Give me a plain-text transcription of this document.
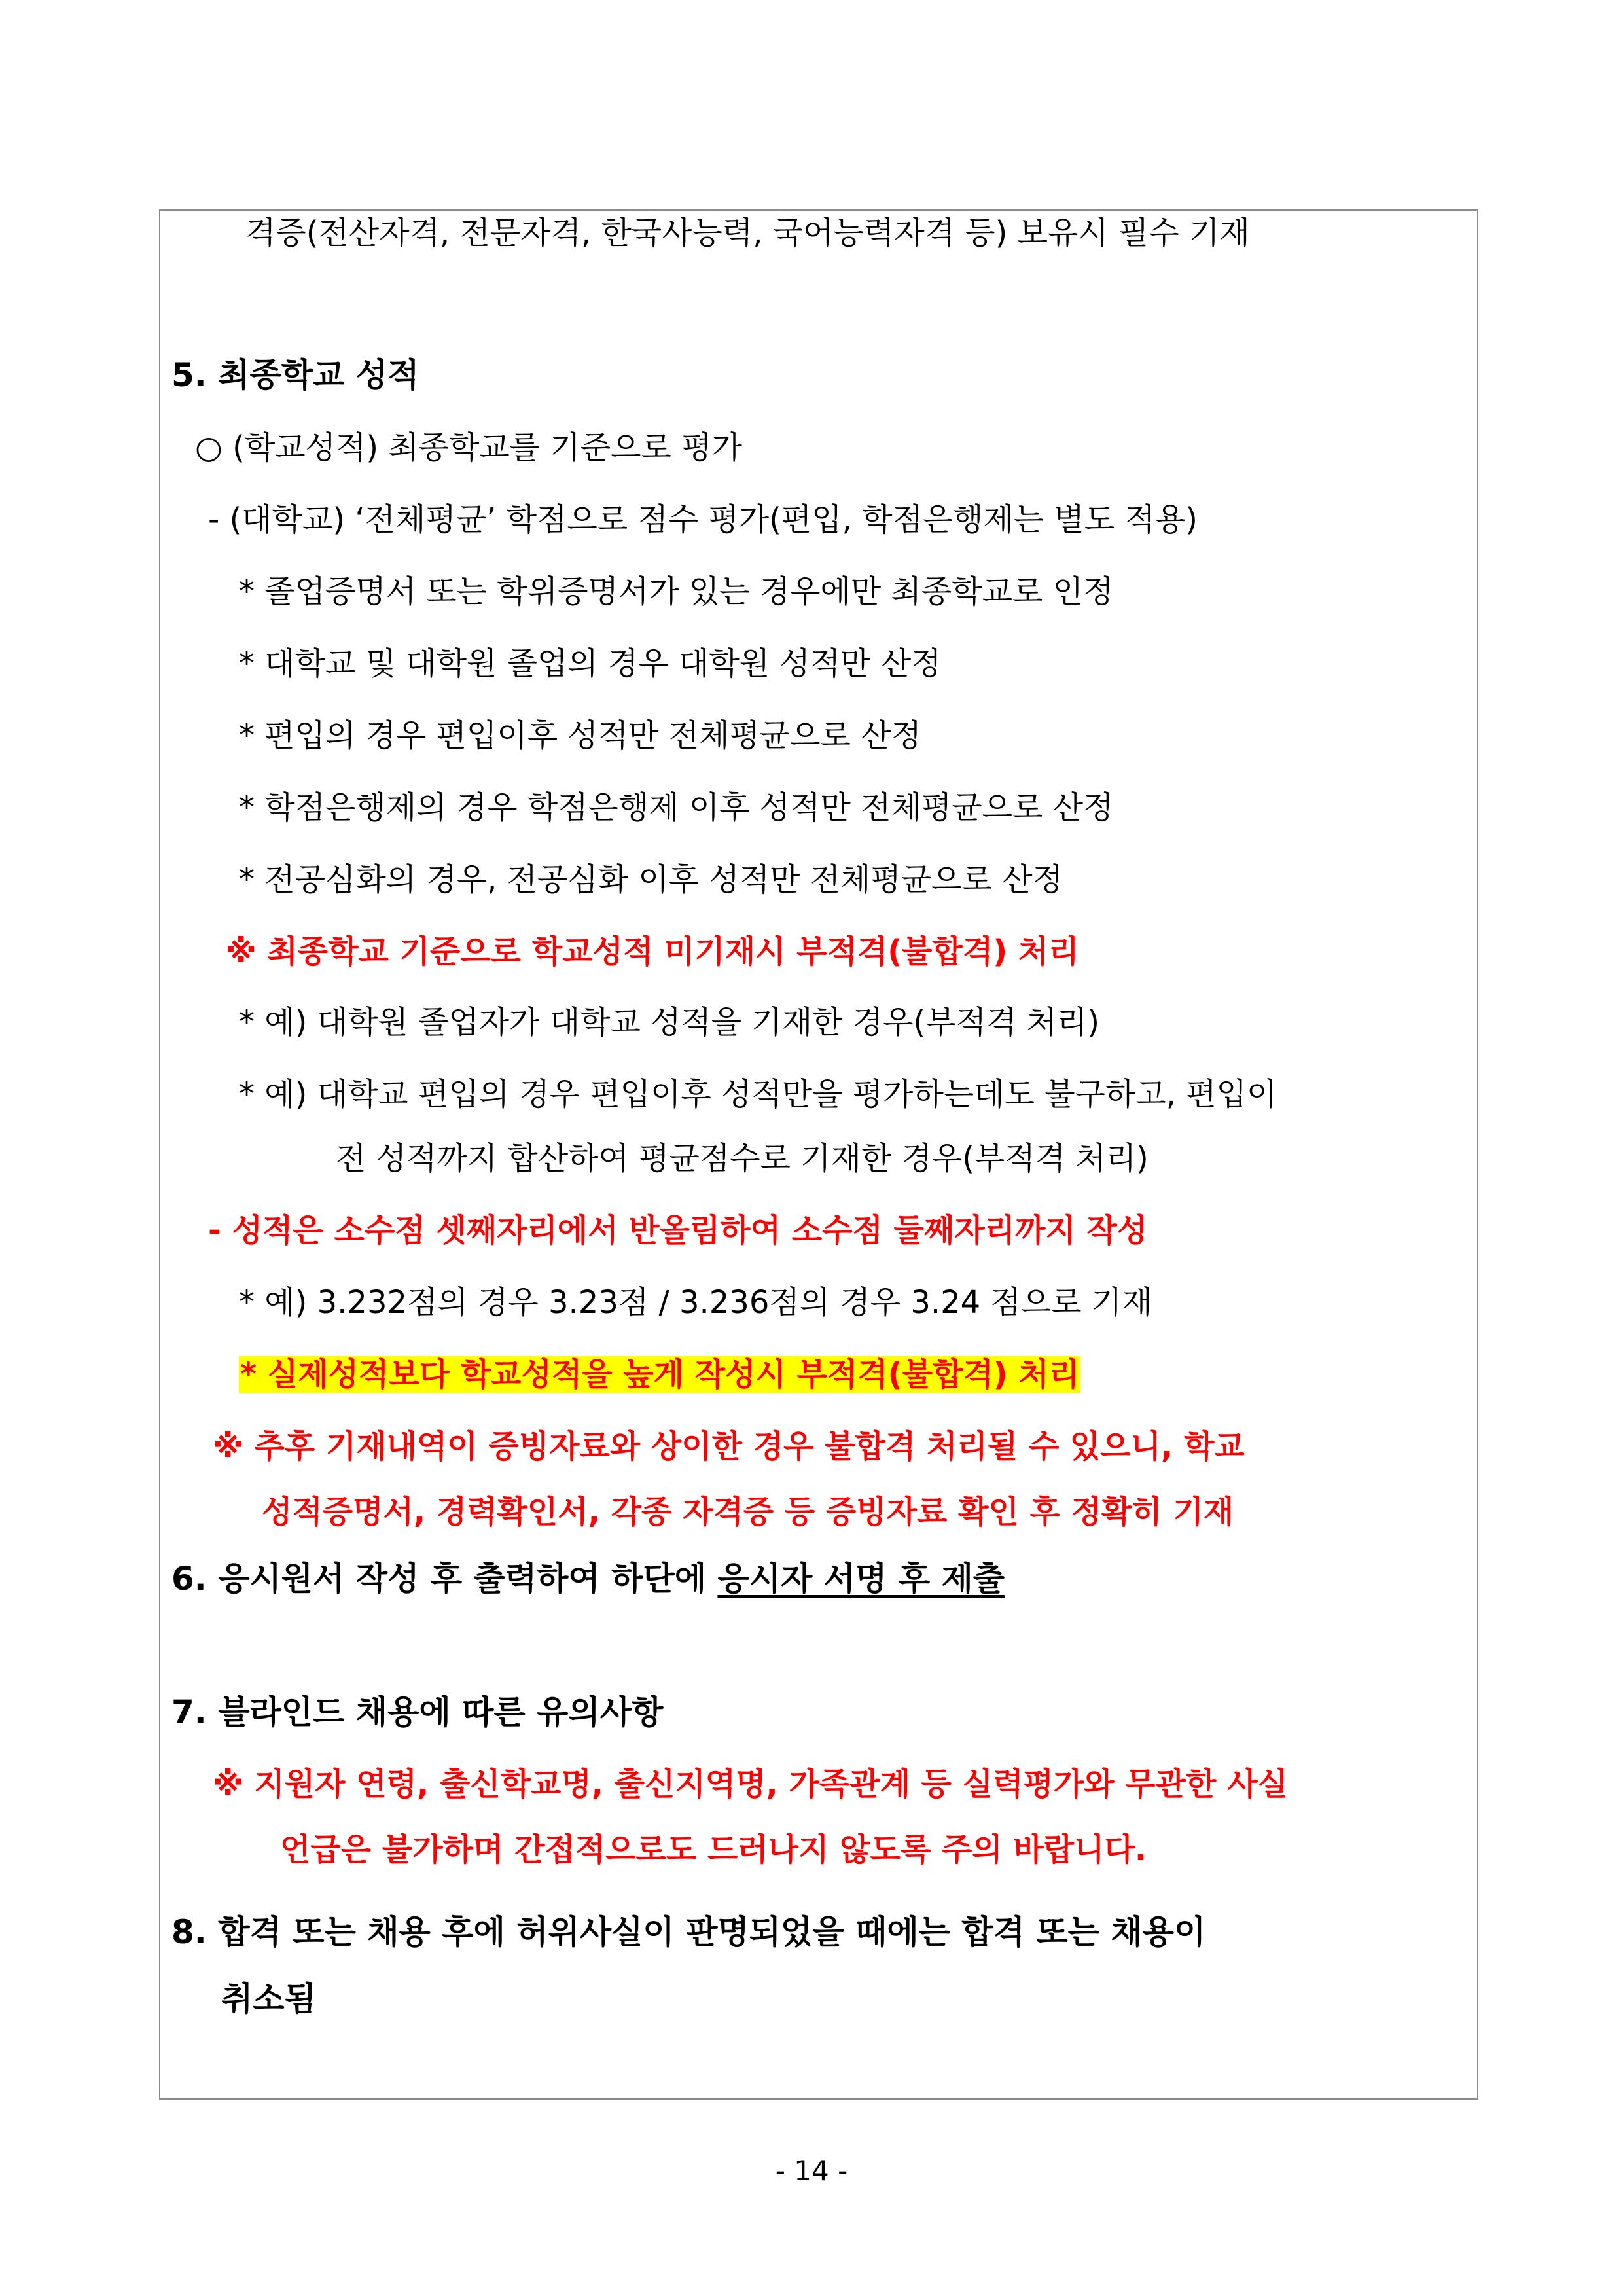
격증(전산자격, 전문자격, 한국사능력, 국어능력자격 등) 보유시 필수 기재
5. 최종학교 성적
○ (학교성적) 최종학교를 기준으로 평가
- (대학교) ‘전체평균’ 학점으로 점수 평가(편입, 학점은행제는 별도 적용)
* 졸업증명서 또는 학위증명서가 있는 경우에만 최종학교로 인정
* 대학교 및 대학원 졸업의 경우 대학원 성적만 산정
* 편입의 경우 편입이후 성적만 전체평균으로 산정
* 학점은행제의 경우 학점은행제 이후 성적만 전체평균으로 산정
* 전공심화의 경우, 전공심화 이후 성적만 전체평균으로 산정
※ 최종학교 기준으로 학교성적 미기재시 부적격(불합격) 처리
* 예) 대학원 졸업자가 대학교 성적을 기재한 경우(부적격 처리)
* 예) 대학교 편입의 경우 편입이후 성적만을 평가하는데도 불구하고, 편입이
전 성적까지 합산하여 평균점수로 기재한 경우(부적격 처리)
- 성적은 소수점 셋째자리에서 반올림하여 소수점 둘째자리까지 작성
* 예) 3.232점의 경우 3.23점 / 3.236점의 경우 3.24 점으로 기재
* 실제성적보다 학교성적을 높게 작성시 부적격(불합격) 처리
※ 추후 기재내역이 증빙자료와 상이한 경우 불합격 처리될 수 있으니, 학교
성적증명서, 경력확인서, 각종 자격증 등 증빙자료 확인 후 정확히 기재
6. 응시원서 작성 후 출력하여 하단에 응시자 서명 후 제출
7. 블라인드 채용에 따른 유의사항
※ 지원자 연령, 출신학교명, 출신지역명, 가족관계 등 실력평가와 무관한 사실
언급은 불가하며 간접적으로도 드러나지 않도록 주의 바랍니다.
8. 합격 또는 채용 후에 허위사실이 판명되었을 때에는 합격 또는 채용이
취소됨
- 14 -
